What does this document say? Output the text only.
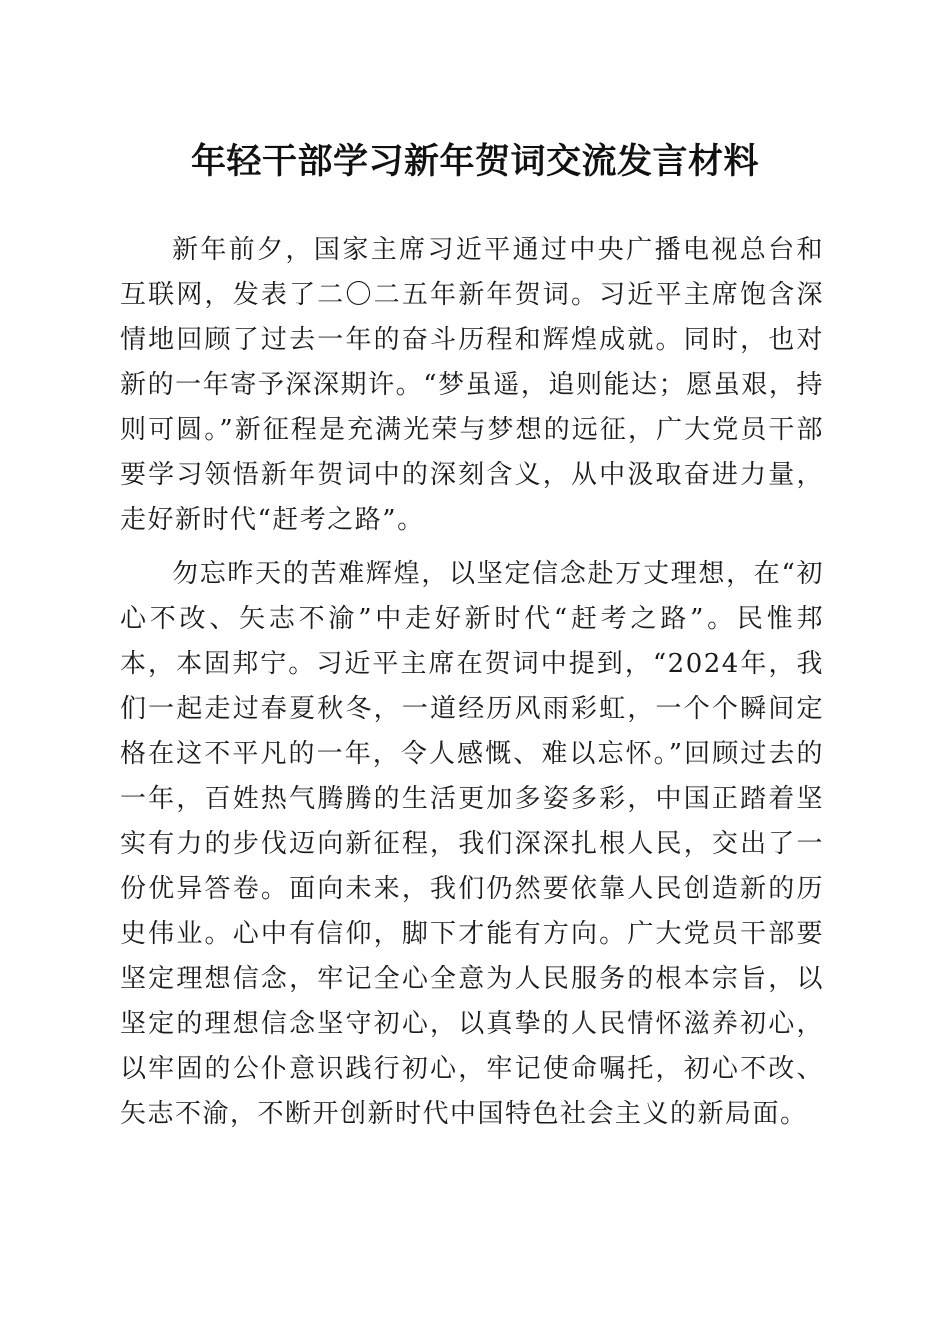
年轻干部学习新年贺词交流发言材料

新年前夕，国家主席习近平通过中央广播电视总台和互联网，发表了二〇二五年新年贺词。习近平主席饱含深情地回顾了过去一年的奋斗历程和辉煌成就。同时，也对新的一年寄予深深期许。“梦虽遥，追则能达；愿虽艰，持则可圆。”新征程是充满光荣与梦想的远征，广大党员干部要学习领悟新年贺词中的深刻含义，从中汲取奋进力量，走好新时代“赶考之路”。

勿忘昨天的苦难辉煌，以坚定信念赴万丈理想，在“初心不改、矢志不渝”中走好新时代“赶考之路”。民惟邦本，本固邦宁。习近平主席在贺词中提到，“2024年，我们一起走过春夏秋冬，一道经历风雨彩虹，一个个瞬间定格在这不平凡的一年，令人感慨、难以忘怀。”回顾过去的一年，百姓热气腾腾的生活更加多姿多彩，中国正踏着坚实有力的步伐迈向新征程，我们深深扎根人民，交出了一份优异答卷。面向未来，我们仍然要依靠人民创造新的历史伟业。心中有信仰，脚下才能有方向。广大党员干部要坚定理想信念，牢记全心全意为人民服务的根本宗旨，以坚定的理想信念坚守初心，以真挚的人民情怀滋养初心，以牢固的公仆意识践行初心，牢记使命嘱托，初心不改、矢志不渝，不断开创新时代中国特色社会主义的新局面。
